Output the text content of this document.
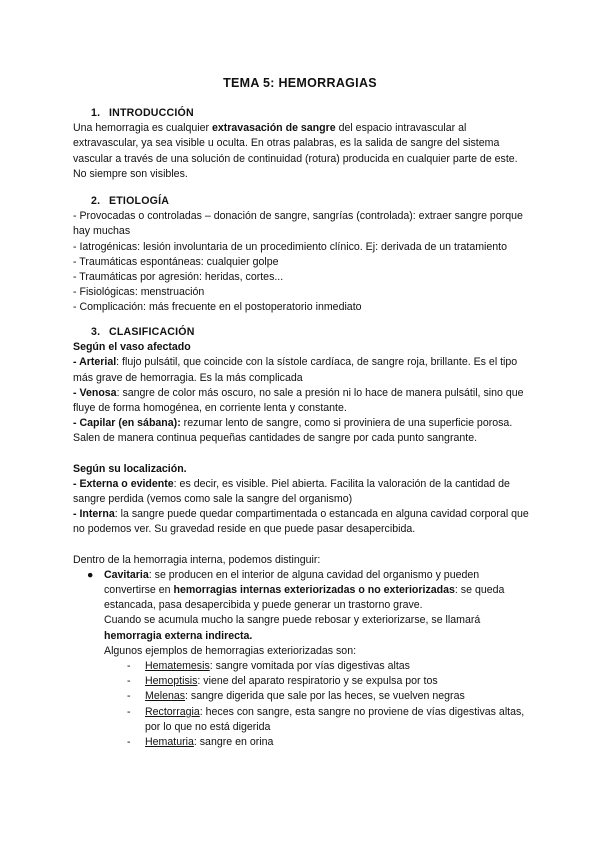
TEMA 5: HEMORRAGIAS
1. INTRODUCCIÓN

Una hemorragia es cualquier extravasación de sangre del espacio intravascular al extravascular, ya sea visible u oculta. En otras palabras, es la salida de sangre del sistema vascular a través de una solución de continuidad (rotura) producida en cualquier parte de este. No siempre son visibles.

2. ETIOLOGÍA

- Provocadas o controladas – donación de sangre, sangrías (controlada): extraer sangre porque hay muchas

- Iatrogénicas: lesión involuntaria de un procedimiento clínico. Ej: derivada de un tratamiento

- Traumáticas espontáneas: cualquier golpe

- Traumáticas por agresión: heridas, cortes...

- Fisiológicas: menstruación

- Complicación: más frecuente en el postoperatorio inmediato

3. CLASIFICACIÓN

Según el vaso afectado

- Arterial: flujo pulsátil, que coincide con la sístole cardíaca, de sangre roja, brillante. Es el tipo más grave de hemorragia. Es la más complicada

- Venosa: sangre de color más oscuro, no sale a presión ni lo hace de manera pulsátil, sino que fluye de forma homogénea, en corriente lenta y constante.

- Capilar (en sábana): rezumar lento de sangre, como si proviniera de una superficie porosa. Salen de manera continua pequeñas cantidades de sangre por cada punto sangrante.

Según su localización.

- Externa o evidente: es decir, es visible. Piel abierta. Facilita la valoración de la cantidad de sangre perdida (vemos como sale la sangre del organismo)

- Interna: la sangre puede quedar compartimentada o estancada en alguna cavidad corporal que no podemos ver. Su gravedad reside en que puede pasar desapercibida.

Dentro de la hemorragia interna, podemos distinguir:

● Cavitaria: se producen en el interior de alguna cavidad del organismo y pueden convertirse en hemorragias internas exteriorizadas o no exteriorizadas: se queda estancada, pasa desapercibida y puede generar un trastorno grave.

Cuando se acumula mucho la sangre puede rebosar y exteriorizarse, se llamará hemorragia externa indirecta.

Algunos ejemplos de hemorragias exteriorizadas son:

- Hematemesis: sangre vomitada por vías digestivas altas
- Hemoptisis: viene del aparato respiratorio y se expulsa por tos
- Melenas: sangre digerida que sale por las heces, se vuelven negras
- Rectorragia: heces con sangre, esta sangre no proviene de vías digestivas altas, por lo que no está digerida
- Hematuria: sangre en orina
